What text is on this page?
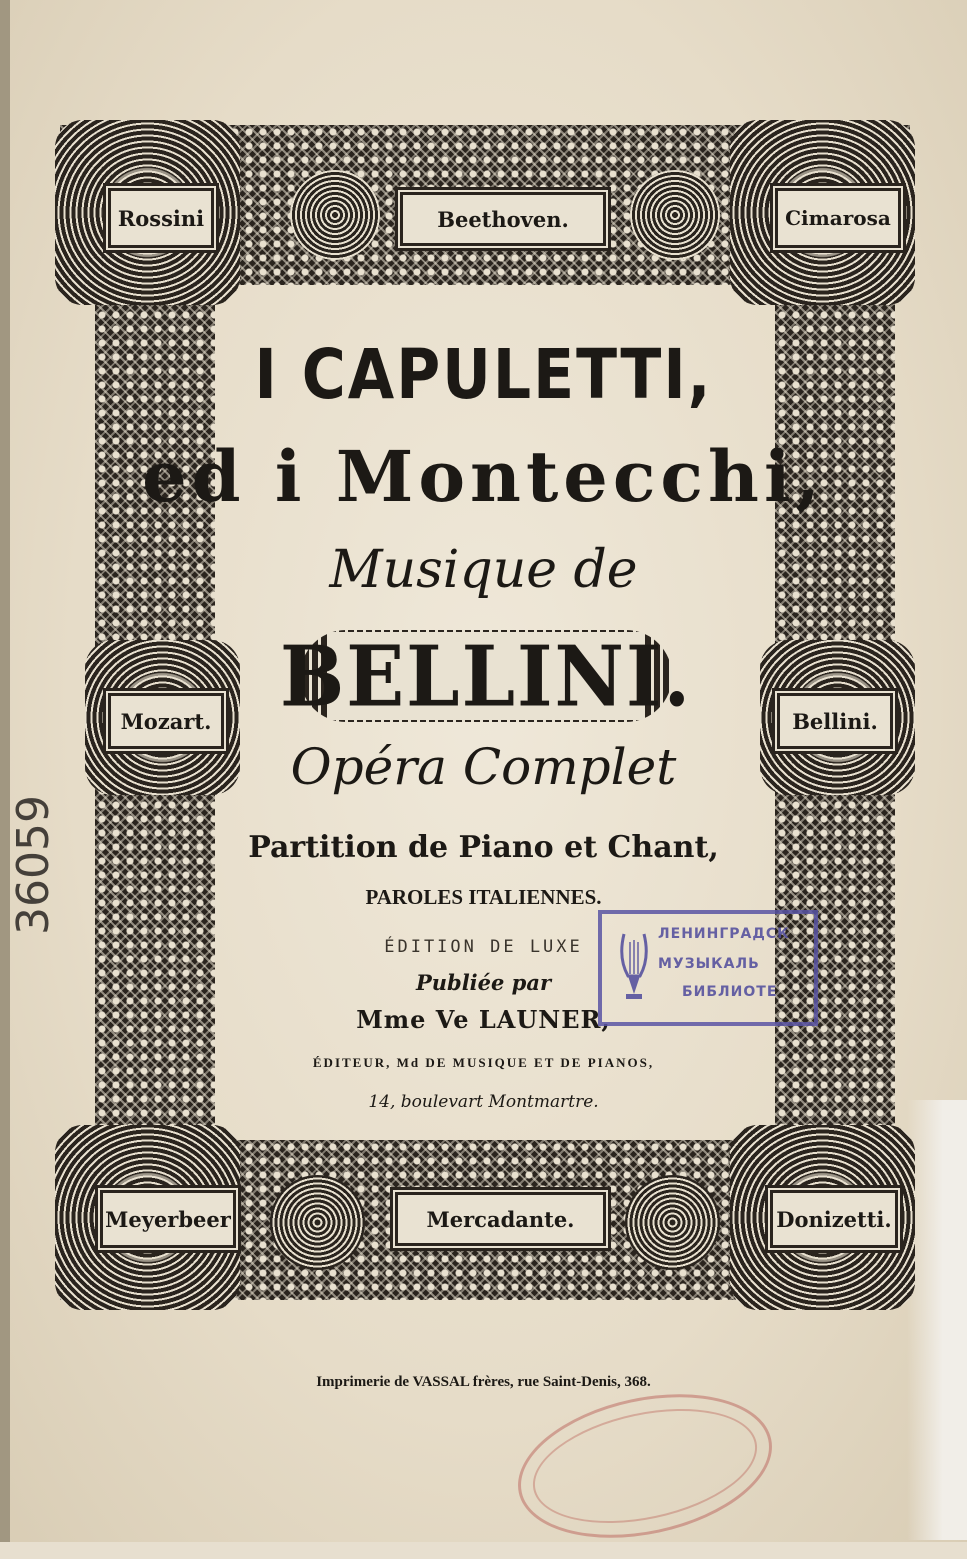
Rossini	Beethoven.	Cimarosa
Mozart.	Bellini.
Meyerbeer	Mercadante.	Donizetti.
I CAPULETTI,
ed i Montecchi,
Musique de
BELLINI.
Opéra Complet
Partition de Piano et Chant,
PAROLES ITALIENNES.
ÉDITION DE LUXE
Publiée par
Mme Ve LAUNER,
ÉDITEUR, Md DE MUSIQUE ET DE PIANOS,
14, boulevart Montmartre.
ЛЕНИНГРАДСК
МУЗЫКАЛЬ
БИБЛИОТЕ
36059
Imprimerie de VASSAL frères, rue Saint-Denis, 368.
